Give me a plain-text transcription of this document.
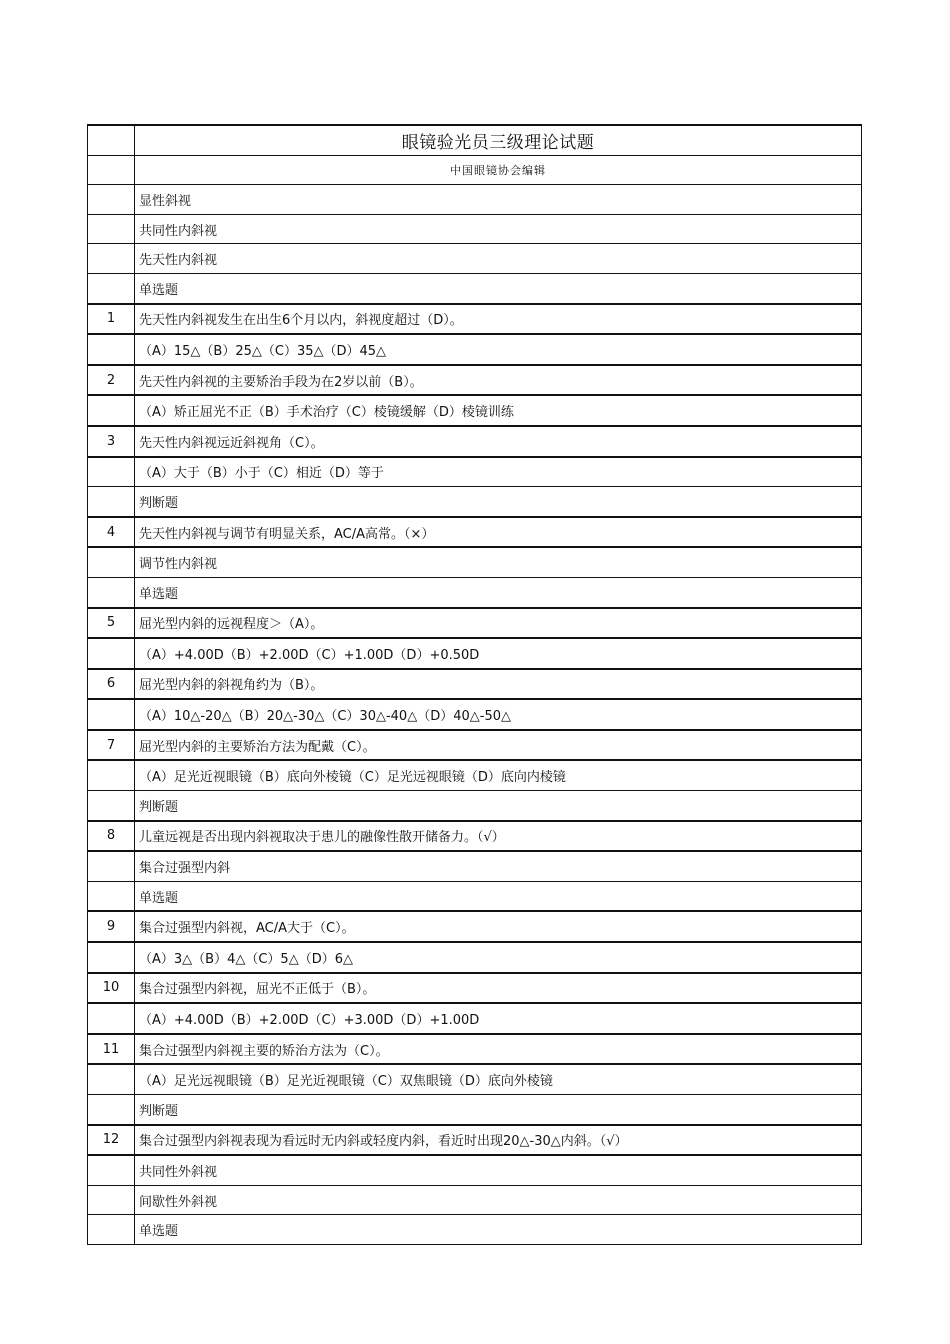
	眼镜验光员三级理论试题
	中国眼镜协会编辑
	显性斜视
	共同性内斜视
	先天性内斜视
	单选题
1	先天性内斜视发生在出生6个月以内，斜视度超过（D）。
	（A）15△（B）25△（C）35△（D）45△
2	先天性内斜视的主要矫治手段为在2岁以前（B）。
	（A）矫正屈光不正（B）手术治疗（C）棱镜缓解（D）棱镜训练
3	先天性内斜视远近斜视角（C）。
	（A）大于（B）小于（C）相近（D）等于
	判断题
4	先天性内斜视与调节有明显关系，AC/A高常。（×）
	调节性内斜视
	单选题
5	屈光型内斜的远视程度＞（A）。
	（A）+4.00D（B）+2.00D（C）+1.00D（D）+0.50D
6	屈光型内斜的斜视角约为（B）。
	（A）10△-20△（B）20△-30△（C）30△-40△（D）40△-50△
7	屈光型内斜的主要矫治方法为配戴（C）。
	（A）足光近视眼镜（B）底向外棱镜（C）足光远视眼镜（D）底向内棱镜
	判断题
8	儿童远视是否出现内斜视取决于患儿的融像性散开储备力。（√）
	集合过强型内斜
	单选题
9	集合过强型内斜视，AC/A大于（C）。
	（A）3△（B）4△（C）5△（D）6△
10	集合过强型内斜视，屈光不正低于（B）。
	（A）+4.00D（B）+2.00D（C）+3.00D（D）+1.00D
11	集合过强型内斜视主要的矫治方法为（C）。
	（A）足光远视眼镜（B）足光近视眼镜（C）双焦眼镜（D）底向外棱镜
	判断题
12	集合过强型内斜视表现为看远时无内斜或轻度内斜，看近时出现20△-30△内斜。（√）
	共同性外斜视
	间歇性外斜视
	单选题
